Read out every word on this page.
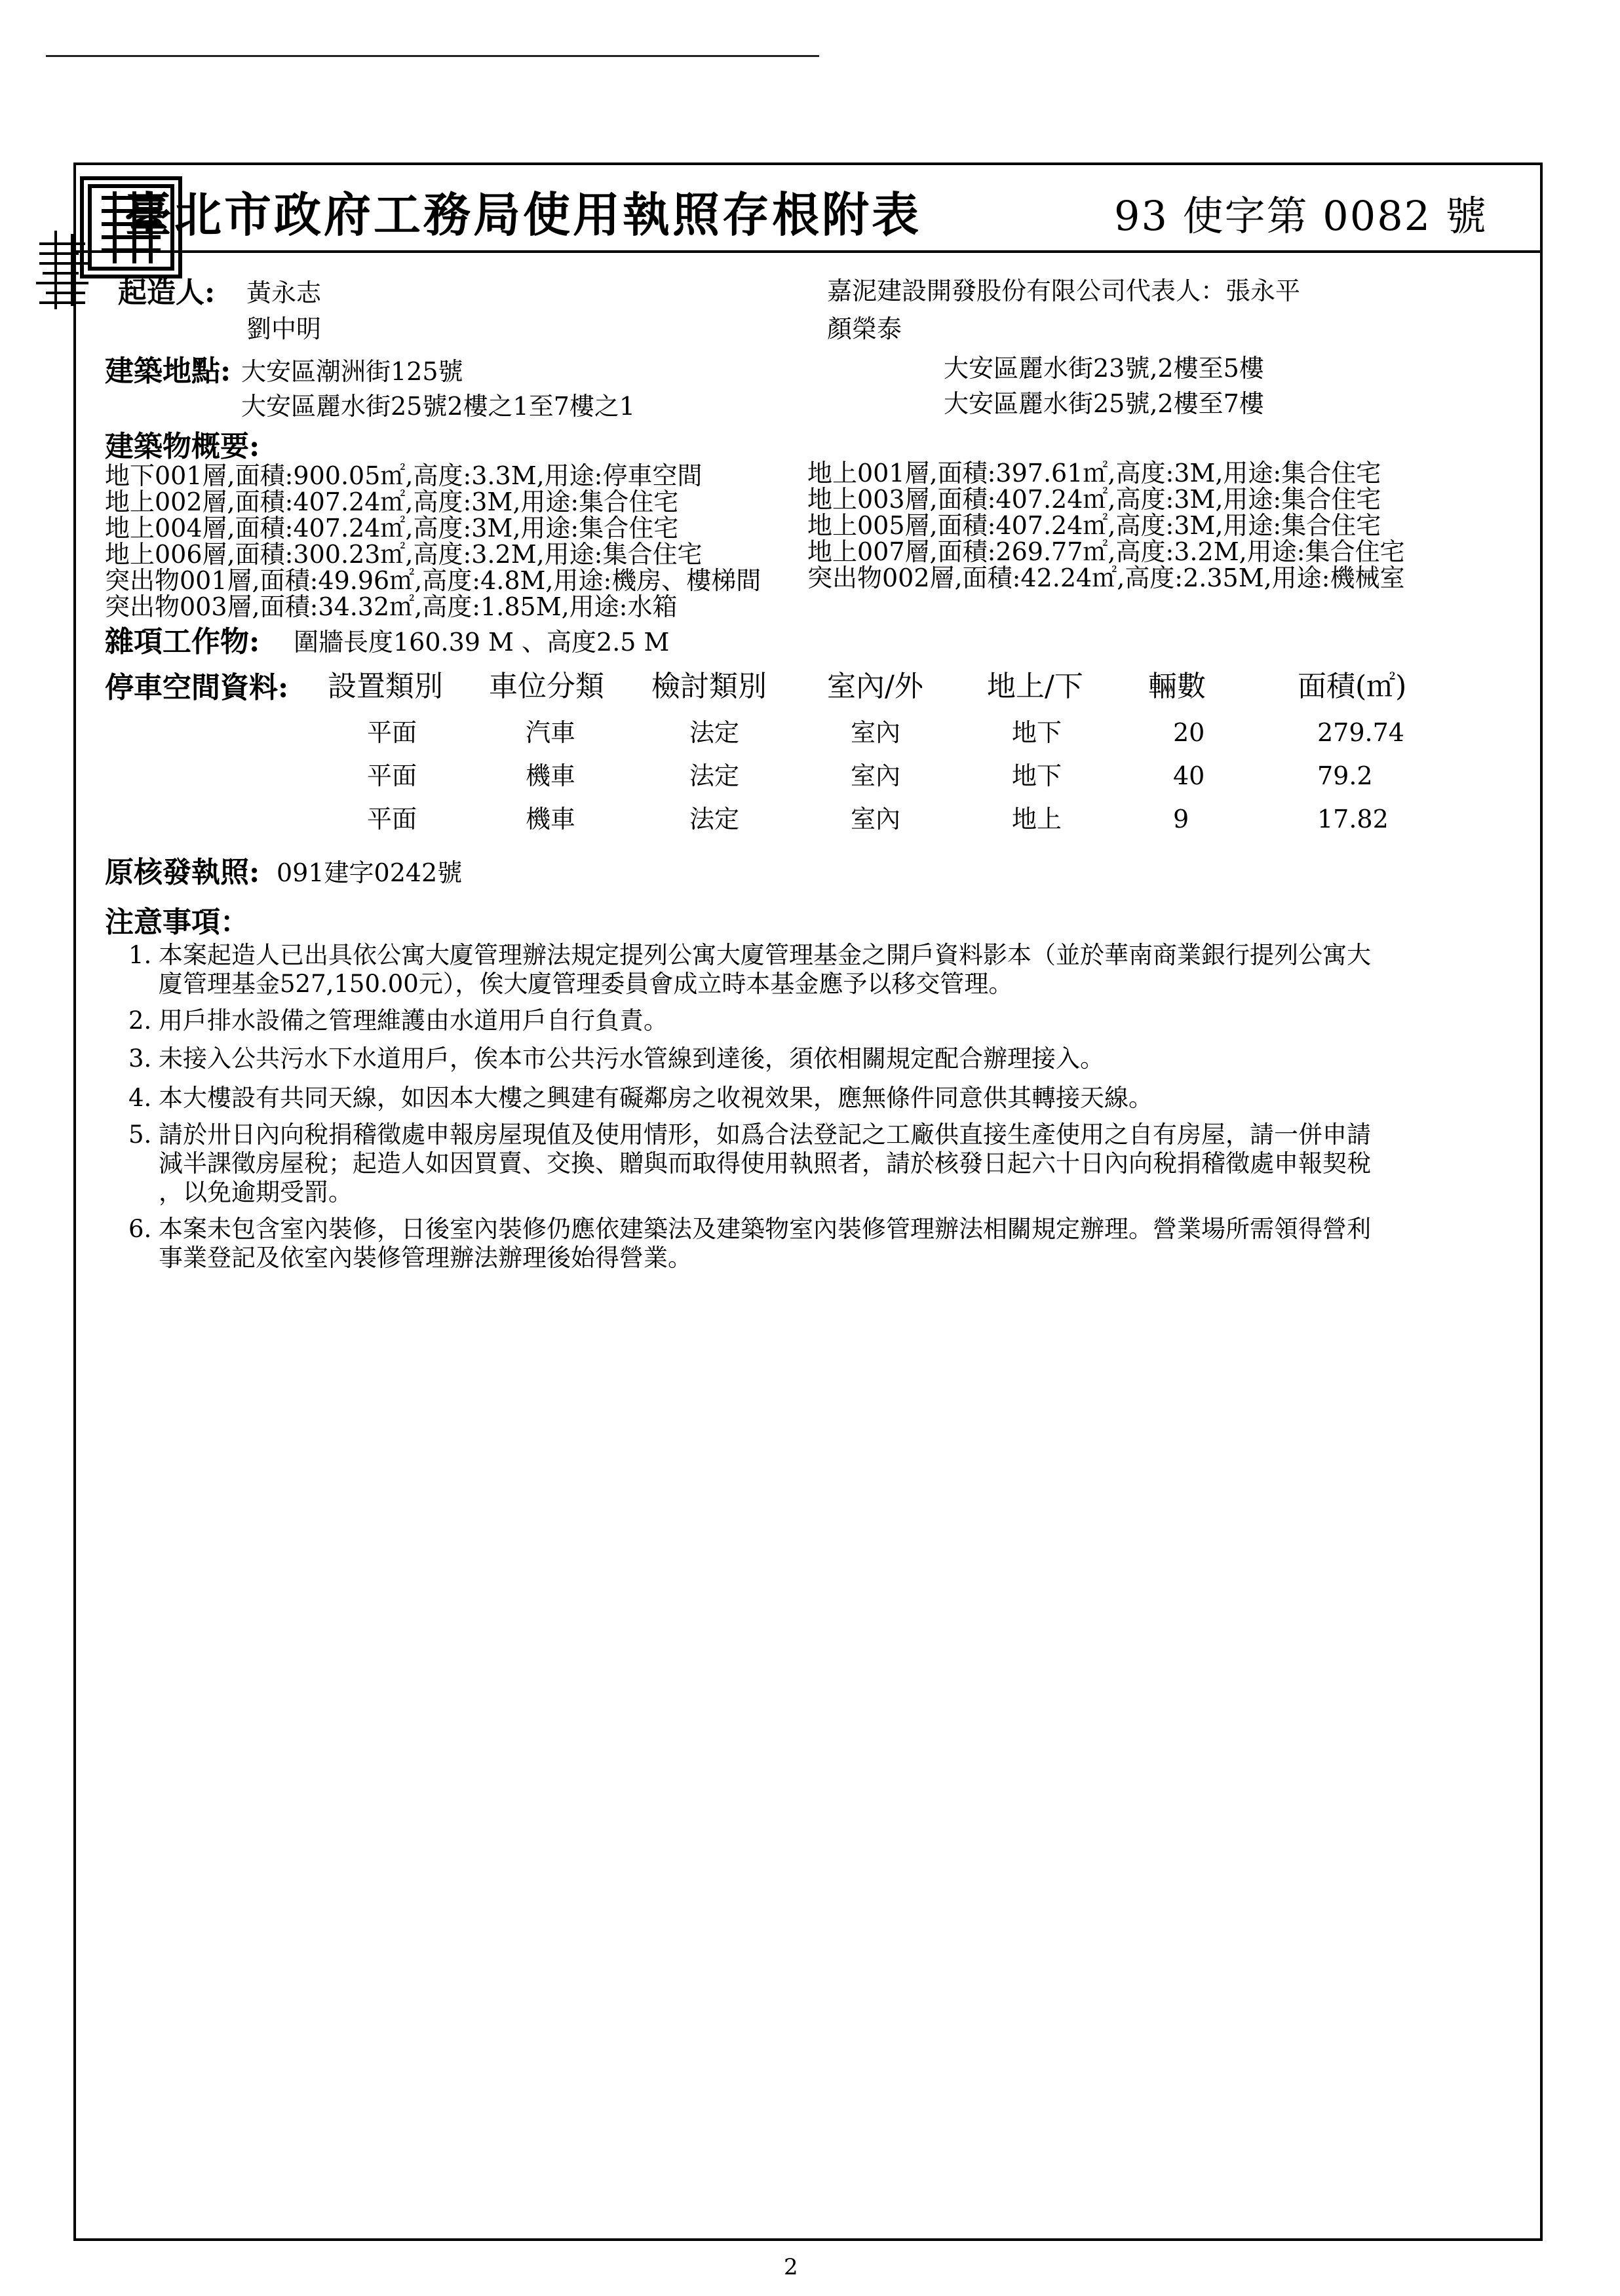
臺北市政府工務局使用執照存根附表	93 使字第 0082 號
起造人: 黃永志
劉中明
嘉泥建設開發股份有限公司代表人：張永平
顏榮泰
建築地點: 大安區潮洲街125號
大安區麗水街25號2樓之1至7樓之1
大安區麗水街23號,2樓至5樓
大安區麗水街25號,2樓至7樓
建築物概要:
地下001層,面積:900.05㎡,高度:3.3M,用途:停車空間
地上002層,面積:407.24㎡,高度:3M,用途:集合住宅
地上004層,面積:407.24㎡,高度:3M,用途:集合住宅
地上006層,面積:300.23㎡,高度:3.2M,用途:集合住宅
突出物001層,面積:49.96㎡,高度:4.8M,用途:機房、樓梯間
突出物003層,面積:34.32㎡,高度:1.85M,用途:水箱
地上001層,面積:397.61㎡,高度:3M,用途:集合住宅
地上003層,面積:407.24㎡,高度:3M,用途:集合住宅
地上005層,面積:407.24㎡,高度:3M,用途:集合住宅
地上007層,面積:269.77㎡,高度:3.2M,用途:集合住宅
突出物002層,面積:42.24㎡,高度:2.35M,用途:機械室
雜項工作物: 圍牆長度160.39 M 、高度2.5 M
停車空間資料: 設置類別 車位分類 檢討類別 室內/外 地上/下 輛數	面積(㎡)
平面	汽車	法定	室內	地下	20	279.74
平面	機車	法定	室內	地下	40	79.2
平面	機車	法定	室內	地上	9	17.82
原核發執照: 091建字0242號
注意事項：
1. 本案起造人已出具依公寓大廈管理辦法規定提列公寓大廈管理基金之開戶資料影本（並於華南商業銀行提列公寓大
廈管理基金527,150.00元），俟大廈管理委員會成立時本基金應予以移交管理。
2. 用戶排水設備之管理維護由水道用戶自行負責。
3. 未接入公共污水下水道用戶，俟本市公共污水管線到達後，須依相關規定配合辦理接入。
4. 本大樓設有共同天線，如因本大樓之興建有礙鄰房之收視效果，應無條件同意供其轉接天線。
5. 請於卅日內向稅捐稽徵處申報房屋現值及使用情形，如爲合法登記之工廠供直接生產使用之自有房屋，請一併申請
減半課徵房屋稅；起造人如因買賣、交換、贈與而取得使用執照者，請於核發日起六十日內向稅捐稽徵處申報契稅
，以免逾期受罰。
6. 本案未包含室內裝修，日後室內裝修仍應依建築法及建築物室內裝修管理辦法相關規定辦理。營業場所需領得營利
事業登記及依室內裝修管理辦法辦理後始得營業。
2
